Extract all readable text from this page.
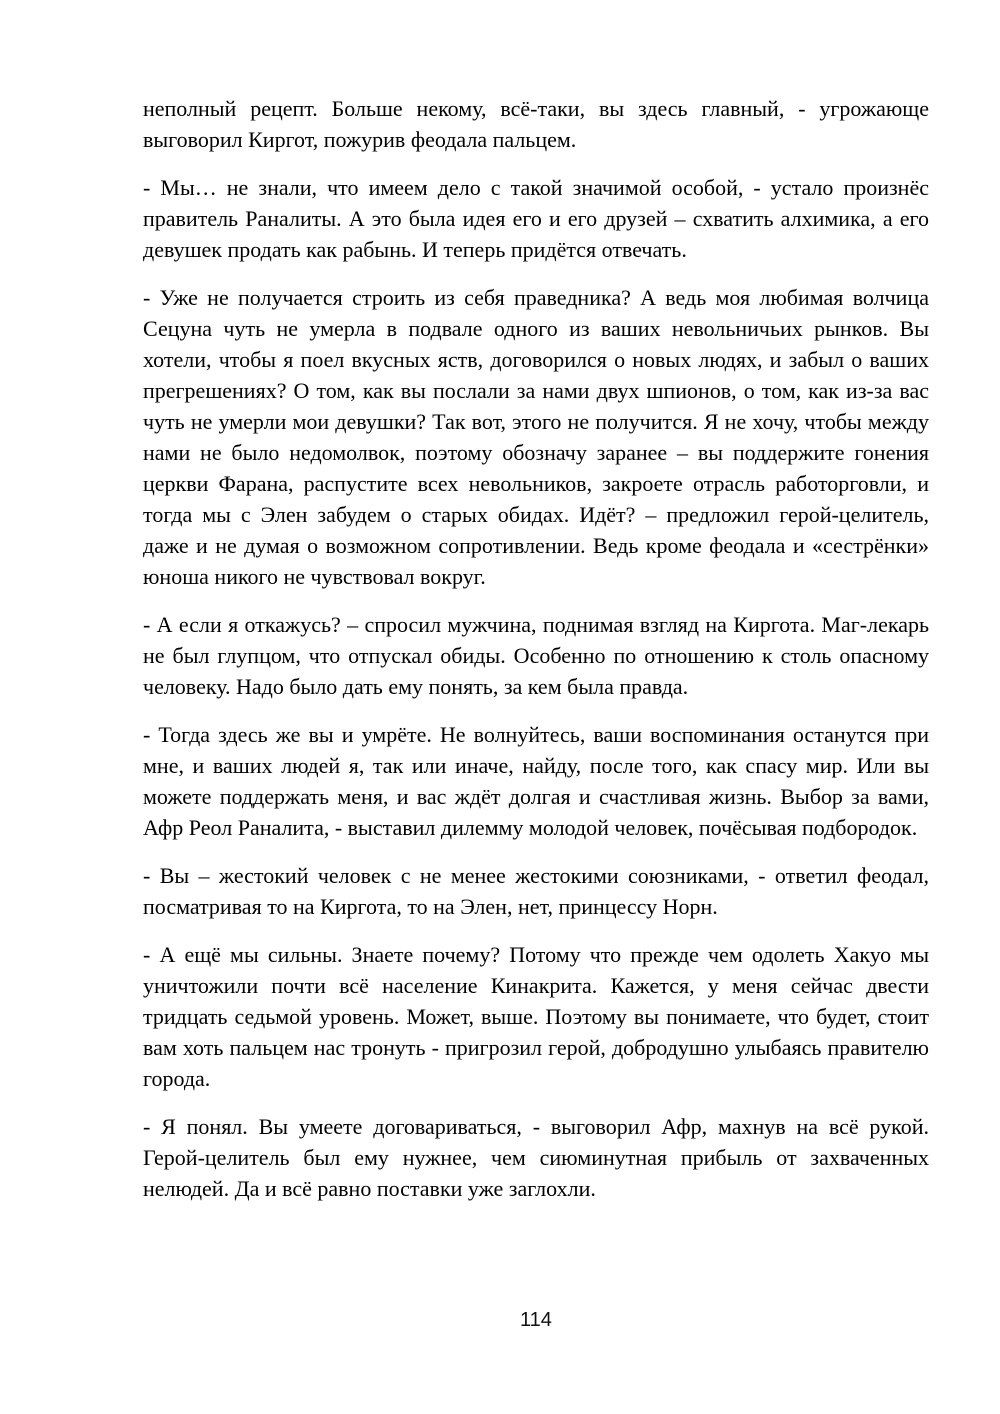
неполный рецепт. Больше некому, всё-таки, вы здесь главный, - угрожающе выговорил Киргот, пожурив феодала пальцем.

- Мы… не знали, что имеем дело с такой значимой особой, - устало произнёс правитель Раналиты. А это была идея его и его друзей – схватить алхимика, а его девушек продать как рабынь. И теперь придётся отвечать.

- Уже не получается строить из себя праведника? А ведь моя любимая волчица Сецуна чуть не умерла в подвале одного из ваших невольничьих рынков. Вы хотели, чтобы я поел вкусных яств, договорился о новых людях, и забыл о ваших прегрешениях? О том, как вы послали за нами двух шпионов, о том, как из-за вас чуть не умерли мои девушки? Так вот, этого не получится. Я не хочу, чтобы между нами не было недомолвок, поэтому обозначу заранее – вы поддержите гонения церкви Фарана, распустите всех невольников, закроете отрасль работорговли, и тогда мы с Элен забудем о старых обидах. Идёт? – предложил герой-целитель, даже и не думая о возможном сопротивлении. Ведь кроме феодала и «сестрёнки» юноша никого не чувствовал вокруг.

- А если я откажусь? – спросил мужчина, поднимая взгляд на Киргота. Маг-лекарь не был глупцом, что отпускал обиды. Особенно по отношению к столь опасному человеку. Надо было дать ему понять, за кем была правда.

- Тогда здесь же вы и умрёте. Не волнуйтесь, ваши воспоминания останутся при мне, и ваших людей я, так или иначе, найду, после того, как спасу мир. Или вы можете поддержать меня, и вас ждёт долгая и счастливая жизнь. Выбор за вами, Афр Реол Раналита, - выставил дилемму молодой человек, почёсывая подбородок.

- Вы – жестокий человек с не менее жестокими союзниками, - ответил феодал, посматривая то на Киргота, то на Элен, нет, принцессу Норн.

- А ещё мы сильны. Знаете почему? Потому что прежде чем одолеть Хакуо мы уничтожили почти всё население Кинакрита. Кажется, у меня сейчас двести тридцать седьмой уровень. Может, выше. Поэтому вы понимаете, что будет, стоит вам хоть пальцем нас тронуть - пригрозил герой, добродушно улыбаясь правителю города.

- Я понял. Вы умеете договариваться, - выговорил Афр, махнув на всё рукой. Герой-целитель был ему нужнее, чем сиюминутная прибыль от захваченных нелюдей. Да и всё равно поставки уже заглохли.

114
